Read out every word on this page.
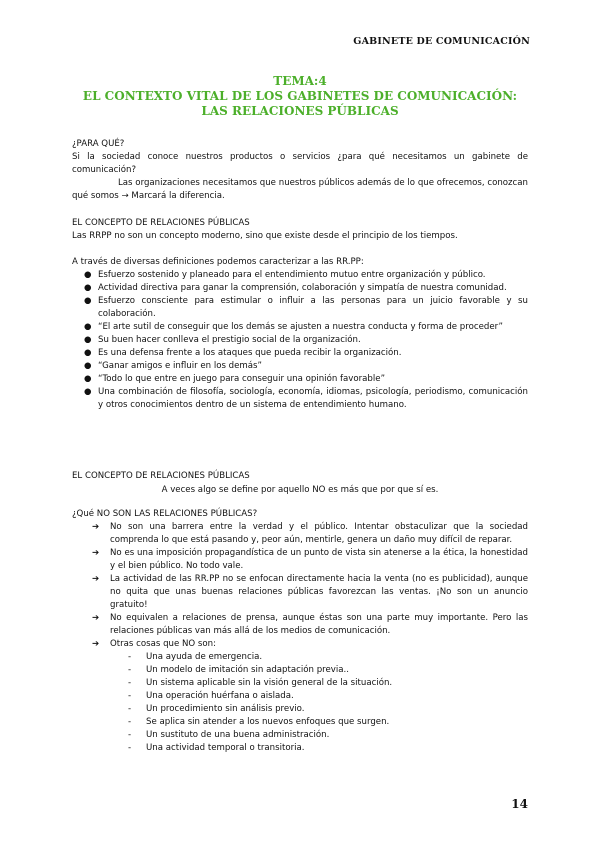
GABINETE DE COMUNICACIÓN
TEMA:4
EL CONTEXTO VITAL DE LOS GABINETES DE COMUNICACIÓN:
LAS RELACIONES PÚBLICAS

¿PARA QUÉ?

Si la sociedad conoce nuestros productos o servicios ¿para qué necesitamos un gabinete de comunicación?

Las organizaciones necesitamos que nuestros públicos además de lo que ofrecemos, conozcan qué somos → Marcará la diferencia.

EL CONCEPTO DE RELACIONES PÚBLICAS

Las RRPP no son un concepto moderno, sino que existe desde el principio de los tiempos.

A través de diversas definiciones podemos caracterizar a las RR.PP:

● Esfuerzo sostenido y planeado para el entendimiento mutuo entre organización y público.
● Actividad directiva para ganar la comprensión, colaboración y simpatía de nuestra comunidad.
● Esfuerzo consciente para estimular o influir a las personas para un juicio favorable y su colaboración.
● “El arte sutil de conseguir que los demás se ajusten a nuestra conducta y forma de proceder”
● Su buen hacer conlleva el prestigio social de la organización.
● Es una defensa frente a los ataques que pueda recibir la organización.
● “Ganar amigos e influir en los demás”
● “Todo lo que entre en juego para conseguir una opinión favorable”
● Una combinación de filosofía, sociología, economía, idiomas, psicología, periodismo, comunicación y otros conocimientos dentro de un sistema de entendimiento humano.

EL CONCEPTO DE RELACIONES PÚBLICAS

A veces algo se define por aquello NO es más que por que sí es.

¿Qué NO SON LAS RELACIONES PÚBLICAS?

➔ No son una barrera entre la verdad y el público. Intentar obstaculizar que la sociedad comprenda lo que está pasando y, peor aún, mentirle, genera un daño muy difícil de reparar.
➔ No es una imposición propagandística de un punto de vista sin atenerse a la ética, la honestidad y el bien público. No todo vale.
➔ La actividad de las RR.PP no se enfocan directamente hacia la venta (no es publicidad), aunque no quita que unas buenas relaciones públicas favorezcan las ventas. ¡No son un anuncio gratuito!
➔ No equivalen a relaciones de prensa, aunque éstas son una parte muy importante. Pero las relaciones públicas van más allá de los medios de comunicación.
➔ Otras cosas que NO son:
- Una ayuda de emergencia.
- Un modelo de imitación sin adaptación previa..
- Un sistema aplicable sin la visión general de la situación.
- Una operación huérfana o aislada.
- Un procedimiento sin análisis previo.
- Se aplica sin atender a los nuevos enfoques que surgen.
- Un sustituto de una buena administración.
- Una actividad temporal o transitoria.
14
